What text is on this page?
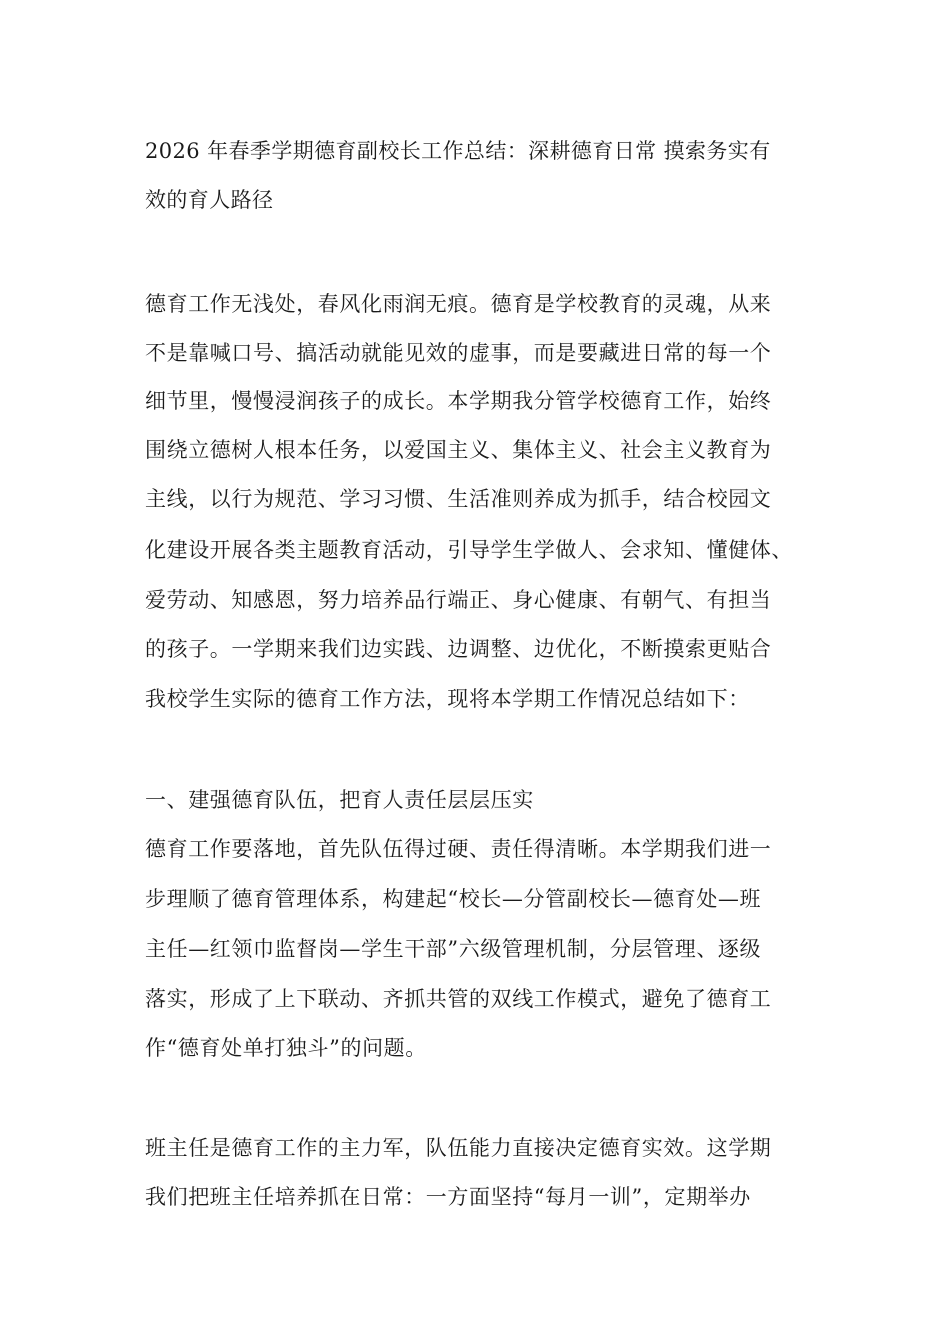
2026 年春季学期德育副校长工作总结：深耕德育日常 摸索务实有
效的育人路径
德育工作无浅处，春风化雨润无痕。德育是学校教育的灵魂，从来
不是靠喊口号、搞活动就能见效的虚事，而是要藏进日常的每一个
细节里，慢慢浸润孩子的成长。本学期我分管学校德育工作，始终
围绕立德树人根本任务，以爱国主义、集体主义、社会主义教育为
主线，以行为规范、学习习惯、生活准则养成为抓手，结合校园文
化建设开展各类主题教育活动，引导学生学做人、会求知、懂健体、
爱劳动、知感恩，努力培养品行端正、身心健康、有朝气、有担当
的孩子。一学期来我们边实践、边调整、边优化，不断摸索更贴合
我校学生实际的德育工作方法，现将本学期工作情况总结如下：
一、建强德育队伍，把育人责任层层压实
德育工作要落地，首先队伍得过硬、责任得清晰。本学期我们进一
步理顺了德育管理体系，构建起“校长—分管副校长—德育处—班
主任—红领巾监督岗—学生干部”六级管理机制，分层管理、逐级
落实，形成了上下联动、齐抓共管的双线工作模式，避免了德育工
作“德育处单打独斗”的问题。
班主任是德育工作的主力军，队伍能力直接决定德育实效。这学期
我们把班主任培养抓在日常：一方面坚持“每月一训”，定期举办
